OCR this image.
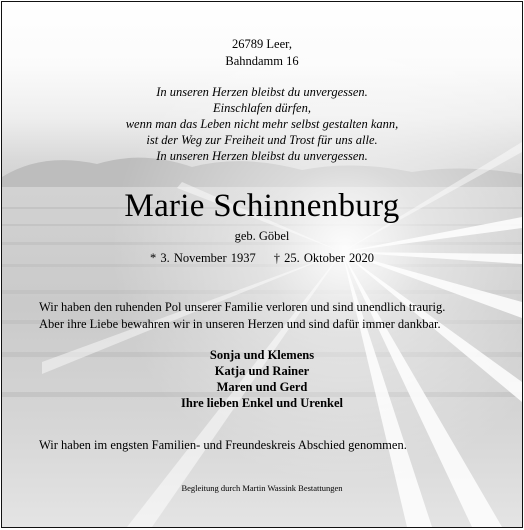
26789 Leer,
Bahndamm 16
In unseren Herzen bleibst du unvergessen.
Einschlafen dürfen,
wenn man das Leben nicht mehr selbst gestalten kann,
ist der Weg zur Freiheit und Trost für uns alle.
In unseren Herzen bleibst du unvergessen.
Marie Schinnenburg
geb. Göbel
* 3. November 1937 † 25. Oktober 2020
Wir haben den ruhenden Pol unserer Familie verloren und sind unendlich traurig.
Aber ihre Liebe bewahren wir in unseren Herzen und sind dafür immer dankbar.
Sonja und Klemens
Katja und Rainer
Maren und Gerd
Ihre lieben Enkel und Urenkel
Wir haben im engsten Familien- und Freundeskreis Abschied genommen.
Begleitung durch Martin Wassink Bestattungen
